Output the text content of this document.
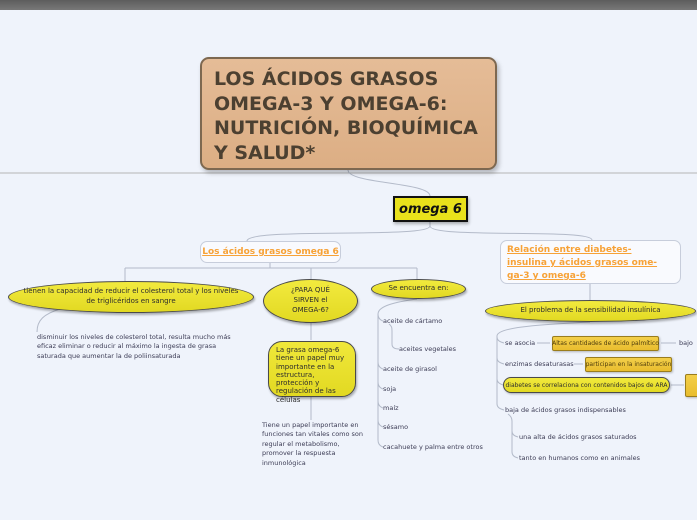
LOS ÁCIDOS GRASOS OMEGA-3 Y OMEGA-6: NUTRICIÓN, BIOQUÍMICA Y SALUD*
omega 6
Los ácidos grasos omega 6	Relación entre diabetes- insulina y ácidos grasos ome- ga-3 y omega-6
tienen la capacidad de reducir el colesterol total y los niveles de triglicéridos en sangre
disminuir los niveles de colesterol total, resulta mucho más eficaz eliminar o reducir al máximo la ingesta de grasa saturada que aumentar la de poliinsaturada
¿PARA QUÉ SIRVEN el OMEGA-6?
La grasa omega-6 tiene un papel muy importante en la estructura, protección y regulación de las células
Tiene un papel importante en funciones tan vitales como son regular el metabolismo, promover la respuesta inmunológica
Se encuentra en:
aceite de cártamo
aceites vegetales
aceite de girasol
soja
maíz
sésamo
cacahuete y palma entre otros
El problema de la sensibilidad insulínica
se asocia	Altas cantidades de ácido palmítico	bajo
enzimas desaturasas participan en la insaturación
diabetes se correlaciona con contenidos bajos de ARA
baja de ácidos grasos indispensables
una alta de ácidos grasos saturados
tanto en humanos como en animales
